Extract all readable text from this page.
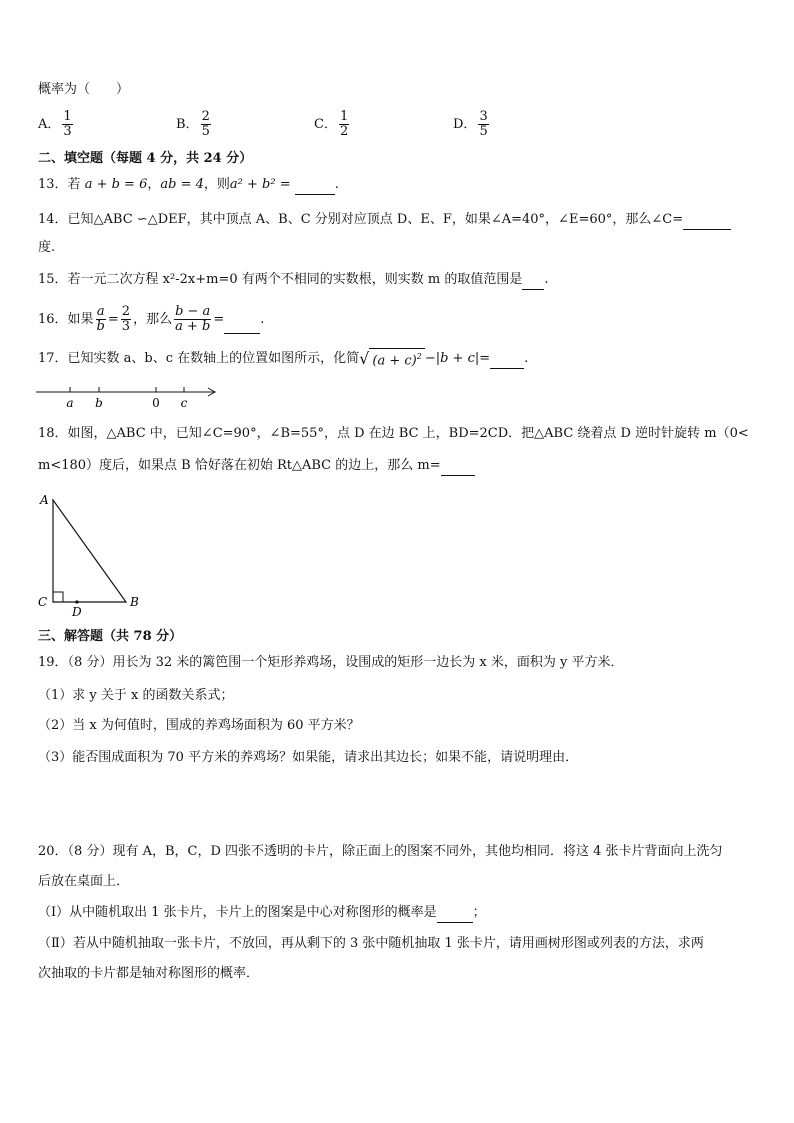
概率为（　　）
A． $\frac{1}{3}$	B． $\frac{2}{5}$	C． $\frac{1}{2}$	D． $\frac{3}{5}$
二、填空题（每题 4 分，共 24 分）
13．若 a + b = 6，ab = 4，则a² + b² =	.
14．已知△ABC ∽△DEF，其中顶点 A、B、C 分别对应顶点 D、E、F，如果∠A=40°，∠E=60°，那么∠C=
度.
15．若一元二次方程 x²-2x+m=0 有两个不相同的实数根，则实数 m 的取值范围是 .
16．如果 $\frac{a}{b} = \frac{2}{3}$ ，那么 $\frac{b - a}{a + b}$ =	.
17．已知实数 a、b、c 在数轴上的位置如图所示，化简 √ $(a + c)^2 -|b + c|=$	.
a b	0 c
18．如图，△ABC 中，已知∠C=90°，∠B=55°，点 D 在边 BC 上，BD=2CD．把△ABC 绕着点 D 逆时针旋转 m（0<
m<180）度后，如果点 B 恰好落在初始 Rt△ABC 的边上，那么 m=
A
C
D
B
三、解答题（共 78 分）
19．（8 分）用长为 32 米的篱笆围一个矩形养鸡场，设围成的矩形一边长为 x 米，面积为 y 平方米．
（1）求 y 关于 x 的函数关系式；
（2）当 x 为何值时，围成的养鸡场面积为 60 平方米？
（3）能否围成面积为 70 平方米的养鸡场？如果能，请求出其边长；如果不能，请说明理由．
20．（8 分）现有 A，B，C，D 四张不透明的卡片，除正面上的图案不同外，其他均相同．将这 4 张卡片背面向上洗匀
后放在桌面上．
（Ⅰ）从中随机取出 1 张卡片，卡片上的图案是中心对称图形的概率是	；
（Ⅱ）若从中随机抽取一张卡片，不放回，再从剩下的 3 张中随机抽取 1 张卡片，请用画树形图或列表的方法，求两
次抽取的卡片都是轴对称图形的概率．
